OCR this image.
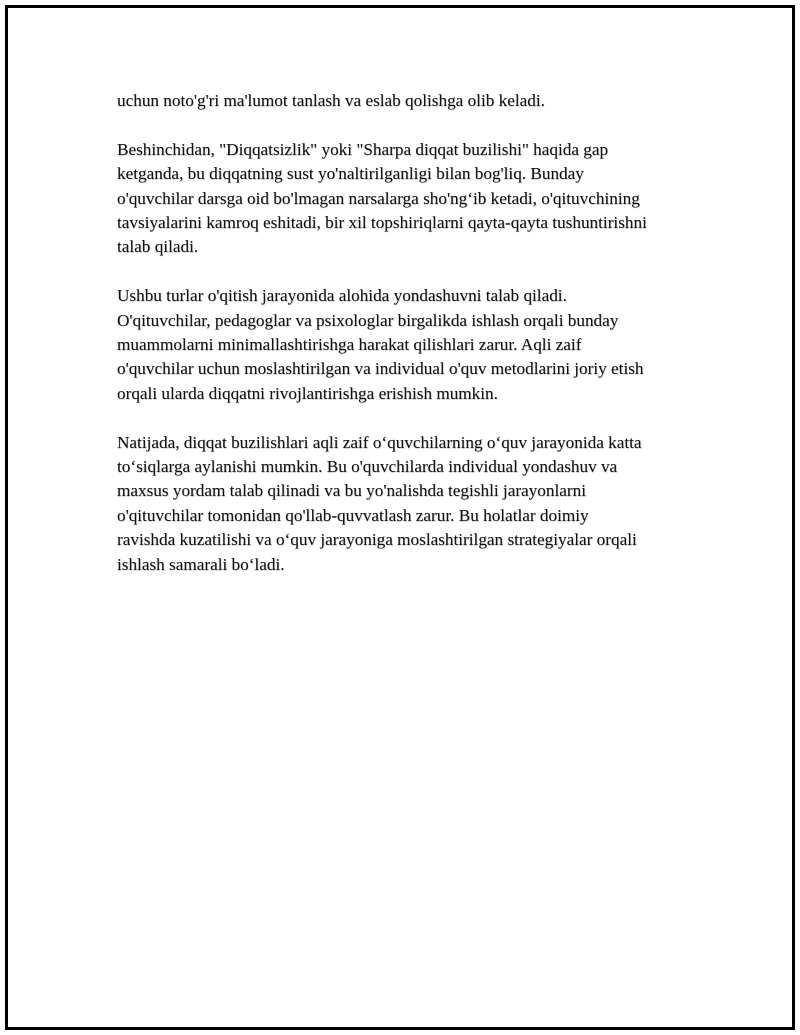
uchun noto'g'ri ma'lumot tanlash va eslab qolishga olib keladi.

Beshinchidan, "Diqqatsizlik" yoki "Sharpa diqqat buzilishi" haqida gap
ketganda, bu diqqatning sust yo'naltirilganligi bilan bog'liq. Bunday
o'quvchilar darsga oid bo'lmagan narsalarga sho'ng‘ib ketadi, o'qituvchining
tavsiyalarini kamroq eshitadi, bir xil topshiriqlarni qayta-qayta tushuntirishni
talab qiladi.

Ushbu turlar o'qitish jarayonida alohida yondashuvni talab qiladi.
O'qituvchilar, pedagoglar va psixologlar birgalikda ishlash orqali bunday
muammolarni minimallashtirishga harakat qilishlari zarur. Aqli zaif
o'quvchilar uchun moslashtirilgan va individual o'quv metodlarini joriy etish
orqali ularda diqqatni rivojlantirishga erishish mumkin.

Natijada, diqqat buzilishlari aqli zaif o‘quvchilarning o‘quv jarayonida katta
to‘siqlarga aylanishi mumkin. Bu o'quvchilarda individual yondashuv va
maxsus yordam talab qilinadi va bu yo'nalishda tegishli jarayonlarni
o'qituvchilar tomonidan qo'llab-quvvatlash zarur. Bu holatlar doimiy
ravishda kuzatilishi va o‘quv jarayoniga moslashtirilgan strategiyalar orqali
ishlash samarali bo‘ladi.
